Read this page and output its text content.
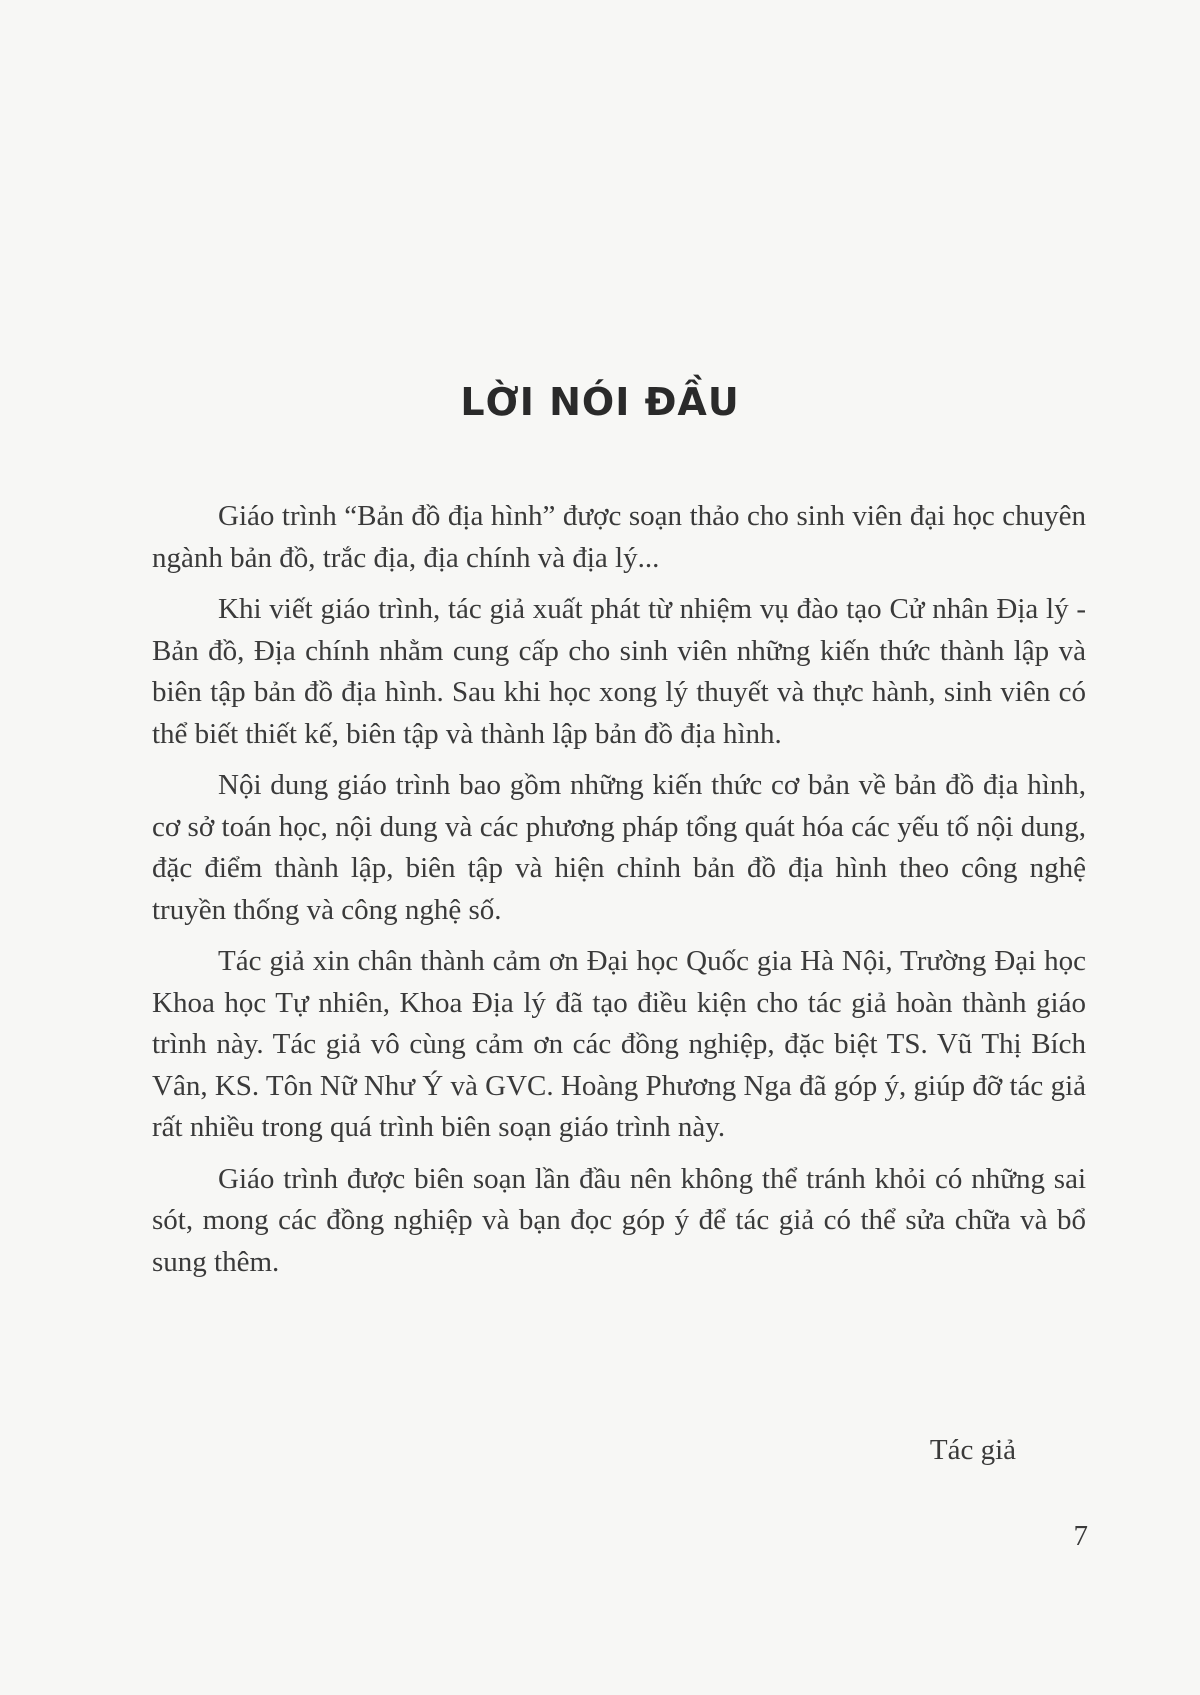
LỜI NÓI ĐẦU

Giáo trình “Bản đồ địa hình” được soạn thảo cho sinh viên đại học chuyên ngành bản đồ, trắc địa, địa chính và địa lý...

Khi viết giáo trình, tác giả xuất phát từ nhiệm vụ đào tạo Cử nhân Địa lý - Bản đồ, Địa chính nhằm cung cấp cho sinh viên những kiến thức thành lập và biên tập bản đồ địa hình. Sau khi học xong lý thuyết và thực hành, sinh viên có thể biết thiết kế, biên tập và thành lập bản đồ địa hình.

Nội dung giáo trình bao gồm những kiến thức cơ bản về bản đồ địa hình, cơ sở toán học, nội dung và các phương pháp tổng quát hóa các yếu tố nội dung, đặc điểm thành lập, biên tập và hiện chỉnh bản đồ địa hình theo công nghệ truyền thống và công nghệ số.

Tác giả xin chân thành cảm ơn Đại học Quốc gia Hà Nội, Trường Đại học Khoa học Tự nhiên, Khoa Địa lý đã tạo điều kiện cho tác giả hoàn thành giáo trình này. Tác giả vô cùng cảm ơn các đồng nghiệp, đặc biệt TS. Vũ Thị Bích Vân, KS. Tôn Nữ Như Ý và GVC. Hoàng Phương Nga đã góp ý, giúp đỡ tác giả rất nhiều trong quá trình biên soạn giáo trình này.

Giáo trình được biên soạn lần đầu nên không thể tránh khỏi có những sai sót, mong các đồng nghiệp và bạn đọc góp ý để tác giả có thể sửa chữa và bổ sung thêm.

Tác giả
7
